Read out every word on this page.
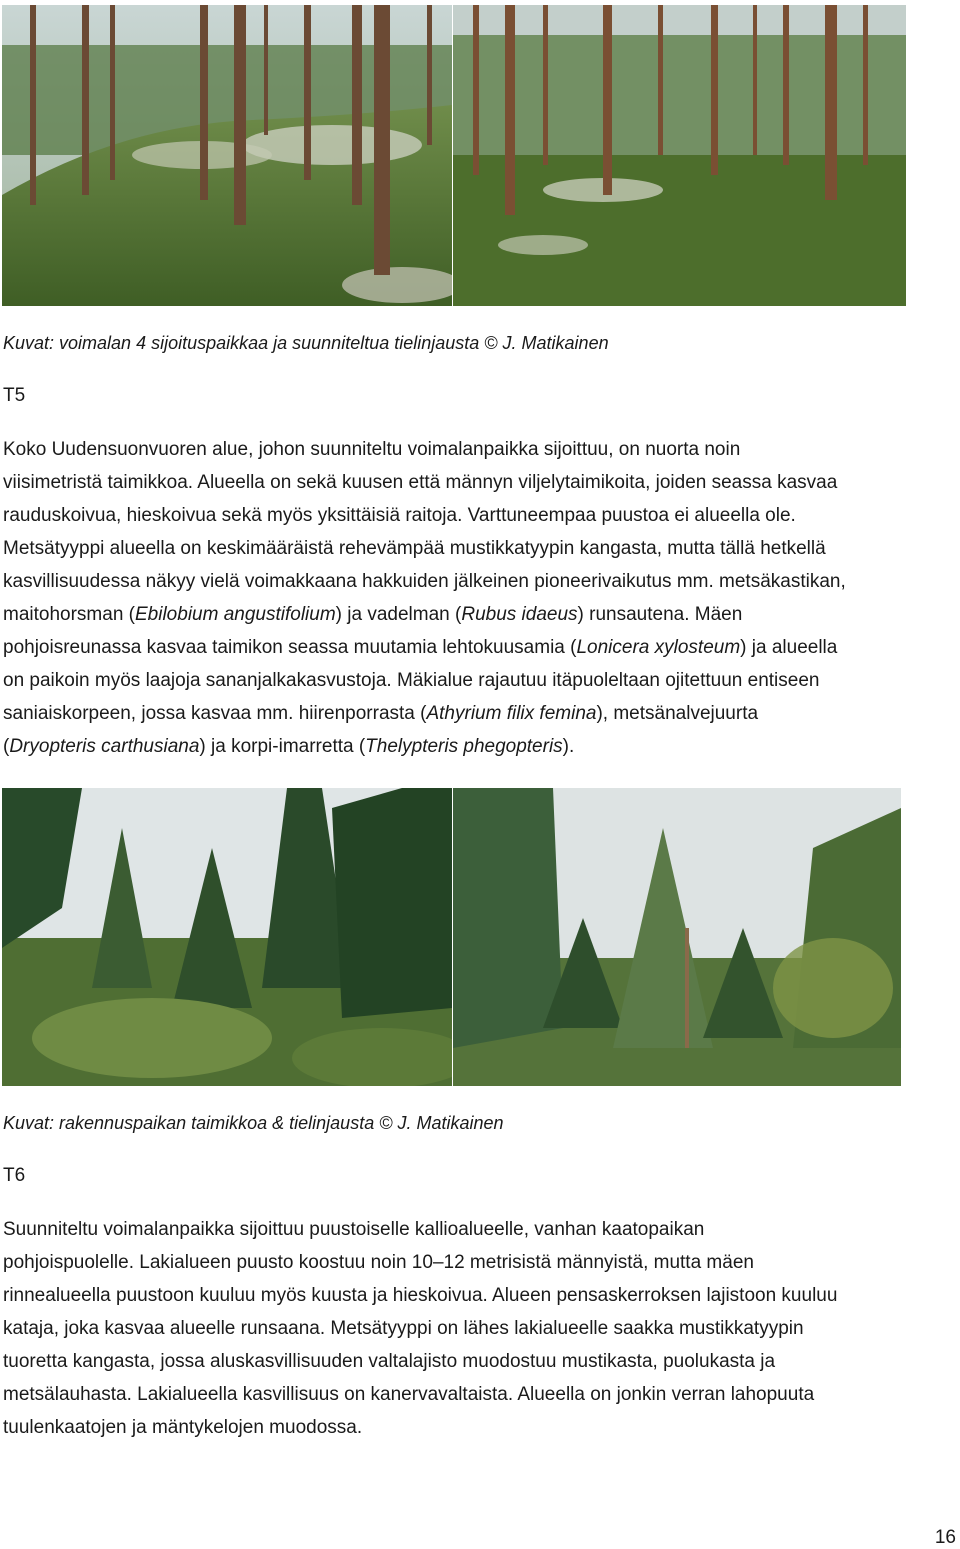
Kuvat: voimalan 4 sijoituspaikkaa ja suunniteltua tielinjausta © J. Matikainen
T5
Koko Uudensuonvuoren alue, johon suunniteltu voimalanpaikka sijoittuu, on nuorta noin
viisimetristä taimikkoa. Alueella on sekä kuusen että männyn viljelytaimikoita, joiden seassa kasvaa
rauduskoivua, hieskoivua sekä myös yksittäisiä raitoja. Varttuneempaa puustoa ei alueella ole.
Metsätyyppi alueella on keskimääräistä rehevämpää mustikkatyypin kangasta, mutta tällä hetkellä
kasvillisuudessa näkyy vielä voimakkaana hakkuiden jälkeinen pioneerivaikutus mm. metsäkastikan,
maitohorsman (Ebilobium angustifolium) ja vadelman (Rubus idaeus) runsautena. Mäen
pohjoisreunassa kasvaa taimikon seassa muutamia lehtokuusamia (Lonicera xylosteum) ja alueella
on paikoin myös laajoja sananjalkakasvustoja. Mäkialue rajautuu itäpuoleltaan ojitettuun entiseen
saniaiskorpeen, jossa kasvaa mm. hiirenporrasta (Athyrium filix femina), metsänalvejuurta
(Dryopteris carthusiana) ja korpi-imarretta (Thelypteris phegopteris).
Kuvat: rakennuspaikan taimikkoa & tielinjausta © J. Matikainen
T6
Suunniteltu voimalanpaikka sijoittuu puustoiselle kallioalueelle, vanhan kaatopaikan
pohjoispuolelle. Lakialueen puusto koostuu noin 10–12 metrisistä männyistä, mutta mäen
rinnealueella puustoon kuuluu myös kuusta ja hieskoivua. Alueen pensaskerroksen lajistoon kuuluu
kataja, joka kasvaa alueelle runsaana. Metsätyyppi on lähes lakialueelle saakka mustikkatyypin
tuoretta kangasta, jossa aluskasvillisuuden valtalajisto muodostuu mustikasta, puolukasta ja
metsälauhasta. Lakialueella kasvillisuus on kanervavaltaista. Alueella on jonkin verran lahopuuta
tuulenkaatojen ja mäntykelojen muodossa.
16
